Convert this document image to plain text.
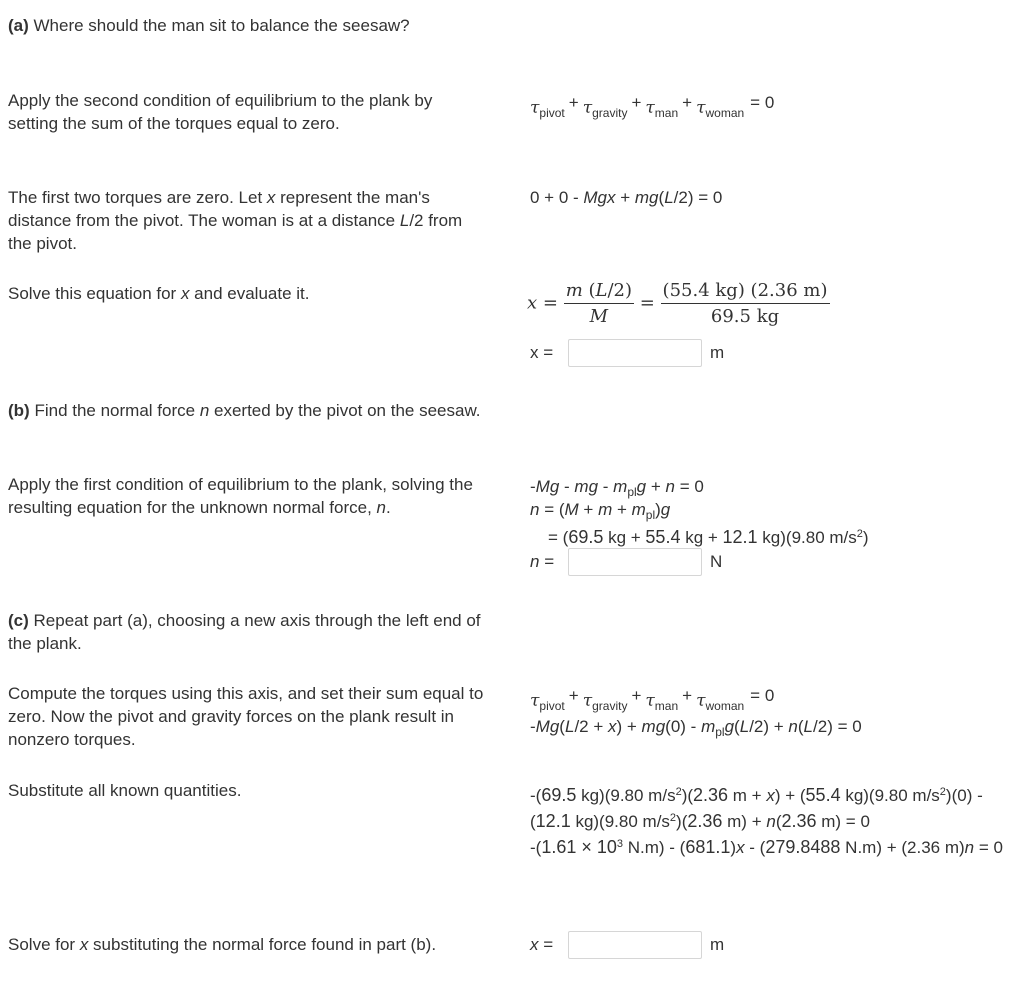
(a) Where should the man sit to balance the seesaw?
Apply the second condition of equilibrium to the plank by setting the sum of the torques equal to zero.
$\tau_{pivot}+ \tau_{gravity}+ \tau_{man}+ \tau_{woman}= 0$
The first two torques are zero. Let x represent the man's distance from the pivot. The woman is at a distance L/2 from the pivot.
0 + 0 - Mgx + mg(L/2) = 0
Solve this equation for x and evaluate it.	$x = \frac{m (L/2)}{M} = \frac{(55.4 kg) (2.36 m)}{69.5 kg}$
x =	m
(b) Find the normal force n exerted by the pivot on the seesaw.
Apply the first condition of equilibrium to the plank, solving the resulting equation for the unknown normal force, n.
-Mg - mg - $m_{pl}g + n = 0$
$n = (M + m + m_{pl})g$
= (69.5 kg + 55.4 kg + 12.1 kg)(9.80 $m/s^2$)
n =	N
(c) Repeat part (a), choosing a new axis through the left end of the plank.
Compute the torques using this axis, and set their sum equal to zero. Now the pivot and gravity forces on the plank result in nonzero torques.
$\tau_{pivot}+ \tau_{gravity}+ \tau_{man}+ \tau_{woman}= 0$
$-Mg(L/2 + x) + mg(0) - m_{pl}g(L/2) + n(L/2) = 0$
Substitute all known quantities.	-(69.5 kg)(9.80 $m/s^2)(2.36$ m + x) + (55.4 kg)(9.80 $m/s^2)(0) - (12.1$ kg)(9.80 $m/s^2)(2.36$ m) + n(2.36 m) = 0
$-(1.61 \times 10^3$ N.m) - (681.1)x - (279.8488 N.m) + (2.36 m)n = 0
Solve for x substituting the normal force found in part (b).	x =	m
